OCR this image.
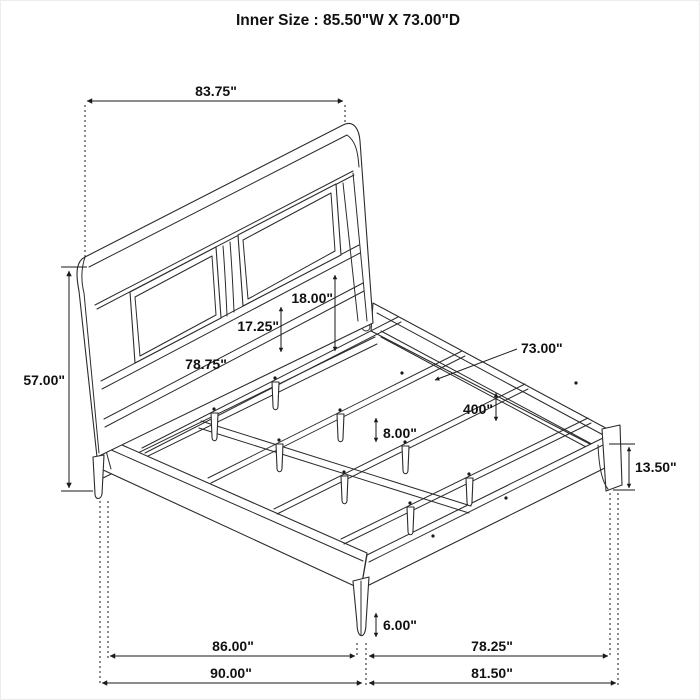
83.75"
57.00"
18.00"
17.25"
78.75"
73.00"
400"
8.00"
13.50"
6.00"
86.00"	78.25"
90.00"	81.50"
Inner Size : 85.50"W X 73.00"D
